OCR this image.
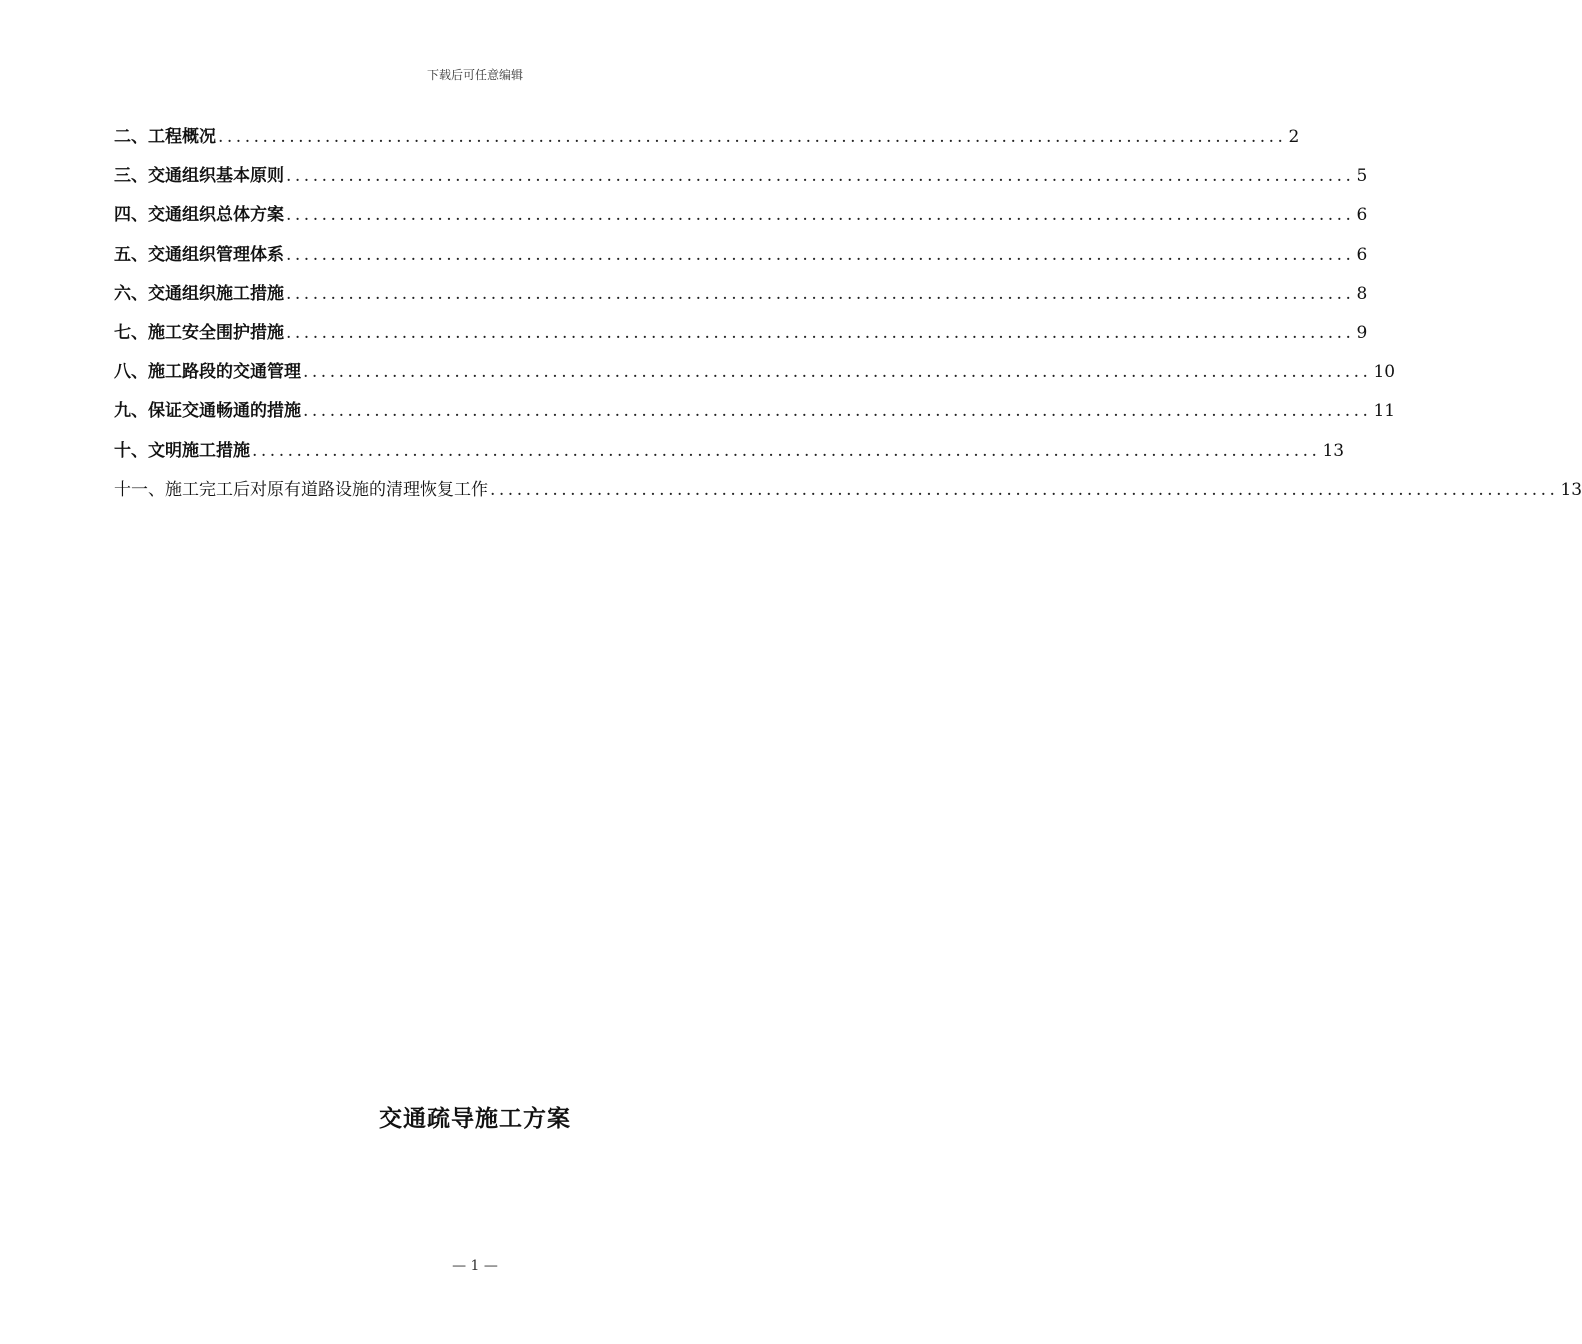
下载后可任意编辑
二、工程概况 ........................................................................................................................ 2
三、交通组织基本原则 ........................................................................................................................ 5
四、交通组织总体方案 ........................................................................................................................ 6
五、交通组织管理体系 ........................................................................................................................ 6
六、交通组织施工措施 ........................................................................................................................ 8
七、施工安全围护措施 ........................................................................................................................ 9
八、施工路段的交通管理 ........................................................................................................................ 10
九、保证交通畅通的措施 ........................................................................................................................ 11
十、文明施工措施 ........................................................................................................................ 13
十一、施工完工后对原有道路设施的清理恢复工作 ........................................................................................................................ 13
交通疏导施工方案
— 1 —
